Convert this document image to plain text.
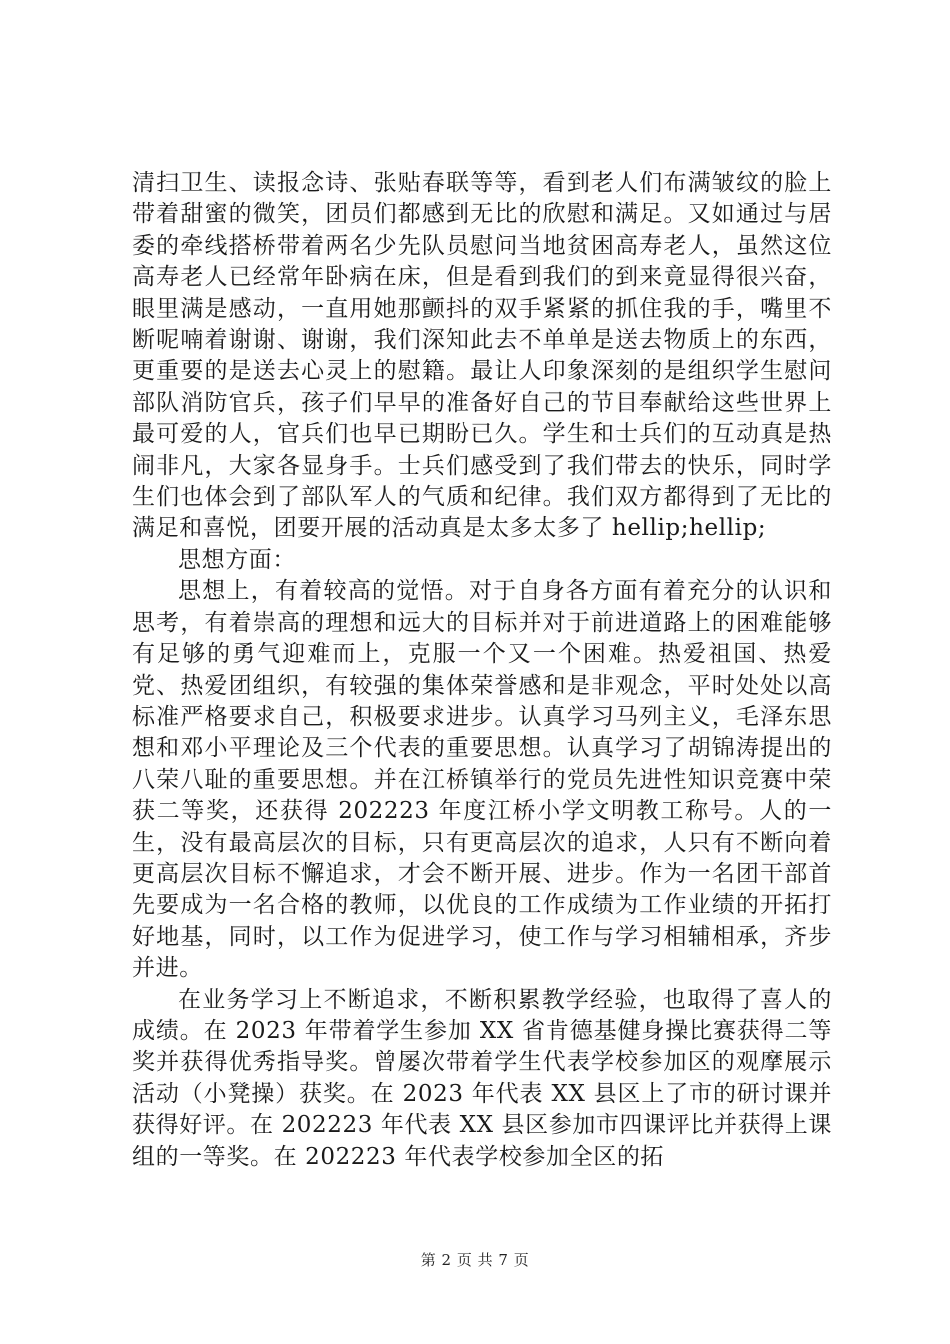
清扫卫生、读报念诗、张贴春联等等，看到老人们布满皱纹的脸上带着甜蜜的微笑，团员们都感到无比的欣慰和满足。又如通过与居委的牵线搭桥带着两名少先队员慰问当地贫困高寿老人，虽然这位高寿老人已经常年卧病在床，但是看到我们的到来竟显得很兴奋，眼里满是感动，一直用她那颤抖的双手紧紧的抓住我的手，嘴里不断呢喃着谢谢、谢谢，我们深知此去不单单是送去物质上的东西，更重要的是送去心灵上的慰籍。最让人印象深刻的是组织学生慰问部队消防官兵，孩子们早早的准备好自己的节目奉献给这些世界上最可爱的人，官兵们也早已期盼已久。学生和士兵们的互动真是热闹非凡，大家各显身手。士兵们感受到了我们带去的快乐，同时学生们也体会到了部队军人的气质和纪律。我们双方都得到了无比的满足和喜悦，团要开展的活动真是太多太多了 hellip;hellip;

思想方面：

思想上，有着较高的觉悟。对于自身各方面有着充分的认识和思考，有着崇高的理想和远大的目标并对于前进道路上的困难能够有足够的勇气迎难而上，克服一个又一个困难。热爱祖国、热爱党、热爱团组织，有较强的集体荣誉感和是非观念，平时处处以高标准严格要求自己，积极要求进步。认真学习马列主义，毛泽东思想和邓小平理论及三个代表的重要思想。认真学习了胡锦涛提出的八荣八耻的重要思想。并在江桥镇举行的党员先进性知识竞赛中荣获二等奖，还获得 202223 年度江桥小学文明教工称号。人的一生，没有最高层次的目标，只有更高层次的追求，人只有不断向着更高层次目标不懈追求，才会不断开展、进步。作为一名团干部首先要成为一名合格的教师，以优良的工作成绩为工作业绩的开拓打好地基，同时，以工作为促进学习，使工作与学习相辅相承，齐步并进。

在业务学习上不断追求，不断积累教学经验，也取得了喜人的成绩。在 2023 年带着学生参加 XX 省肯德基健身操比赛获得二等奖并获得优秀指导奖。曾屡次带着学生代表学校参加区的观摩展示活动（小凳操）获奖。在 2023 年代表 XX 县区上了市的研讨课并获得好评。在 202223 年代表 XX 县区参加市四课评比并获得上课组的一等奖。在 202223 年代表学校参加全区的拓

第 2 页 共 7 页
